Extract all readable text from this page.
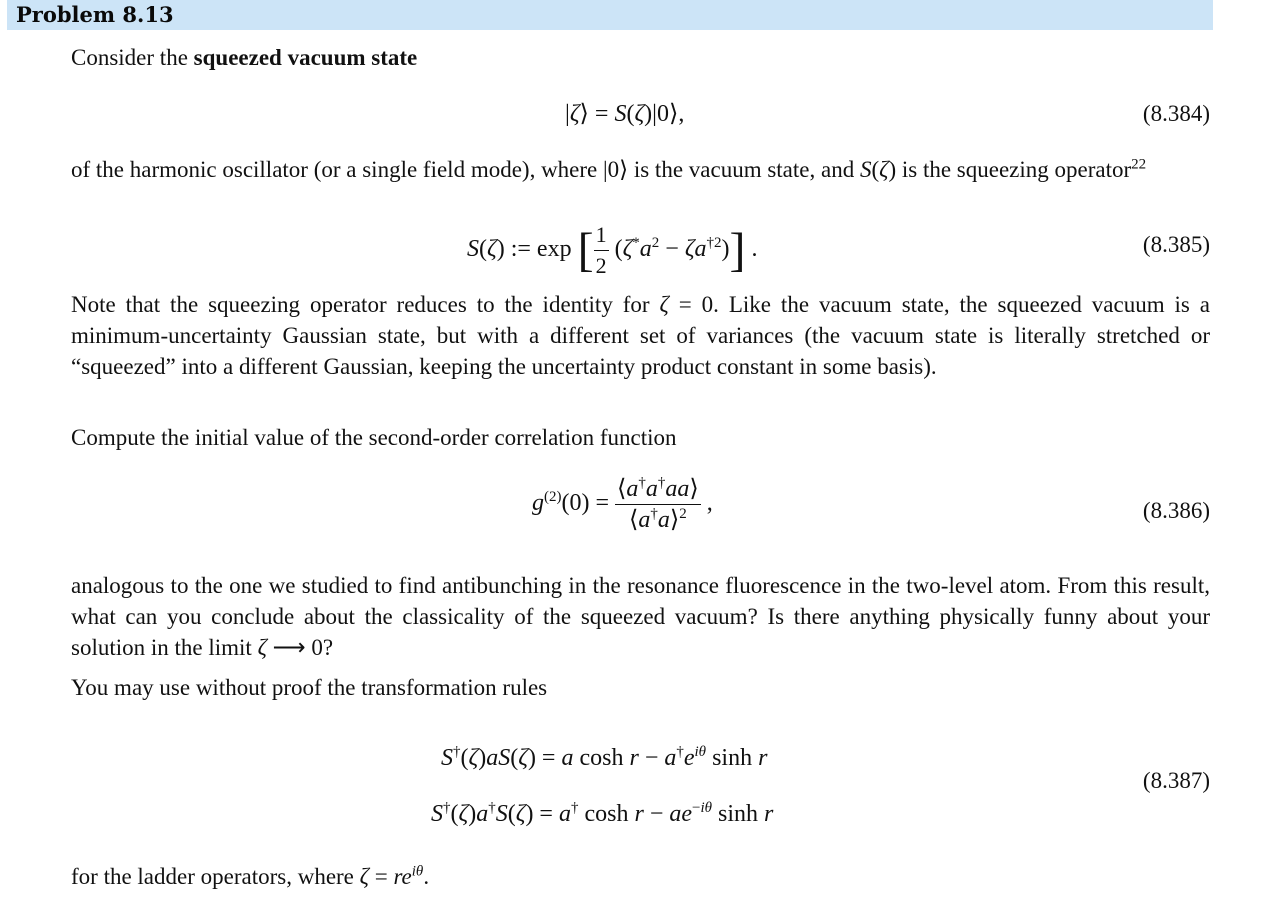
Problem 8.13
Consider the squeezed vacuum state
|ζ⟩ = S(ζ)|0⟩,	(8.384)
of the harmonic oscillator (or a single field mode), where |0⟩ is the vacuum state, and S(ζ) is the squeezing operator$^{22}$
S(ζ) := exp [ $\frac{1}{2} (\zeta^*a^2 - \zeta a^{\dagger 2})$] .	(8.385)
Note that the squeezing operator reduces to the identity for ζ = 0. Like the vacuum state, the squeezed vacuum is a minimum-uncertainty Gaussian state, but with a different set of variances (the vacuum state is literally stretched or “squeezed” into a different Gaussian, keeping the uncertainty product constant in some basis).
Compute the initial value of the second-order correlation function
$g^{(2)}(0) = \frac{⟨a^\dagger a^\dagger aa⟩}{⟨a^\dagger a⟩^2}$ ,	(8.386)
analogous to the one we studied to find antibunching in the resonance fluorescence in the two-level atom. From this result, what can you conclude about the classicality of the squeezed vacuum? Is there anything physically funny about your solution in the limit ζ ⟶ 0?
You may use without proof the transformation rules
S†(ζ)aS(ζ) = a $\cosh r - a^\dagger e^{i\theta}$ sinh r
S†(ζ)a†S(ζ) = a† $\cosh r - ae^{-i\theta}$ sinh r
(8.387)
for the ladder operators, where $\zeta = re^{i\theta}$.
